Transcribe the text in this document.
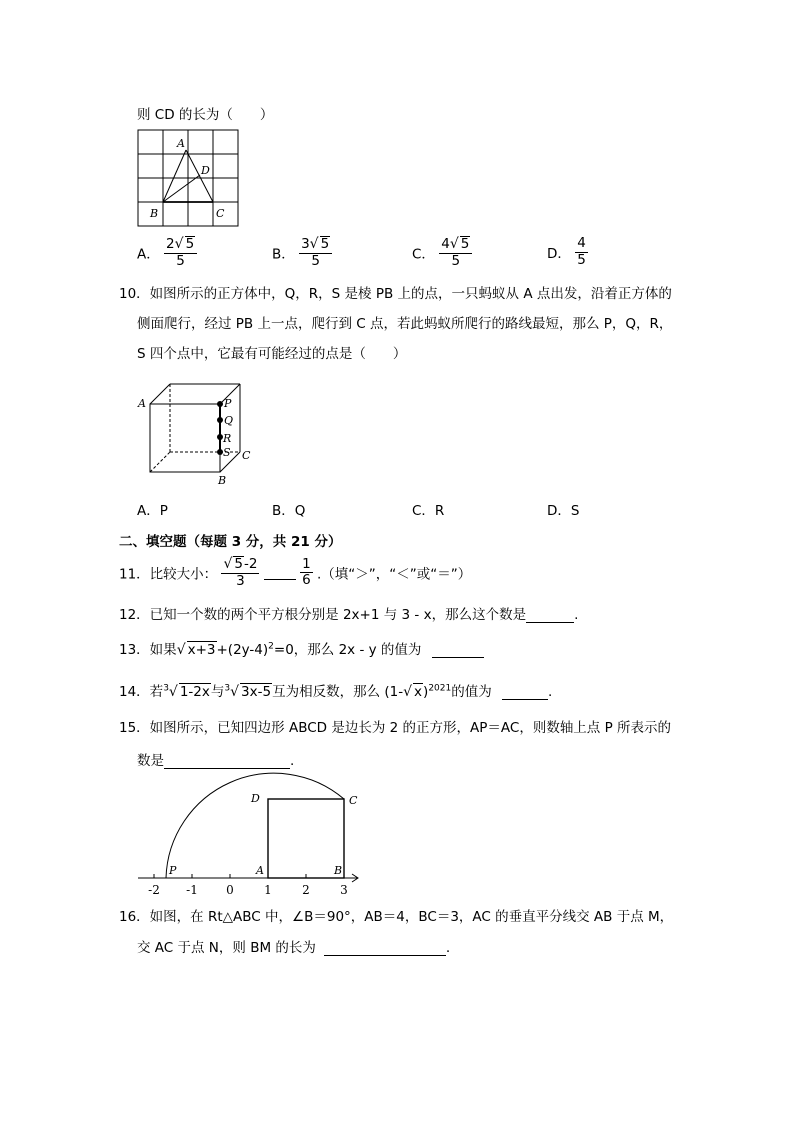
则 CD 的长为（　　）
A
D
B	C
A． $\frac{2√ 5}{5}$	B． $\frac{3√ 5}{5}$	C． $\frac{4√ 5}{5}$	D． $\frac{4}{5}$
10．如图所示的正方体中，Q，R，S 是棱 PB 上的点，一只蚂蚁从 A 点出发，沿着正方体的
侧面爬行，经过 PB 上一点，爬行到 C 点，若此蚂蚁所爬行的路线最短，那么 P，Q，R，
S 四个点中，它最有可能经过的点是（　　）
A	P
Q
R
S C
B
A．P	B．Q	C．R	D．S
二、填空题（每题 3 分，共 21 分）
11．比较大小： $\frac{√ 5-2}{3}$
	$\frac{1}{6}$ .（填“＞”，“＜”或“＝”）
12．已知一个数的两个平方根分别是 2x+1 与 3 - x，那么这个数是	.
13．如果√ $x+3+(2y-4)^2=0$，那么 2x - y 的值为
14．若$^3$√ 1-2x与$^3$√ 3x-5互为相反数，那么 (1-√ x)$^{2021}$的值为	.
15．如图所示，已知四边形 ABCD 是边长为 2 的正方形，AP＝AC，则数轴上点 P 所表示的
数是	.
D	C
P	A	B
-2 -1 0	1	2	3
16．如图，在 Rt△ABC 中，∠B＝90°，AB＝4，BC＝3，AC 的垂直平分线交 AB 于点 M，
交 AC 于点 N，则 BM 的长为	.
